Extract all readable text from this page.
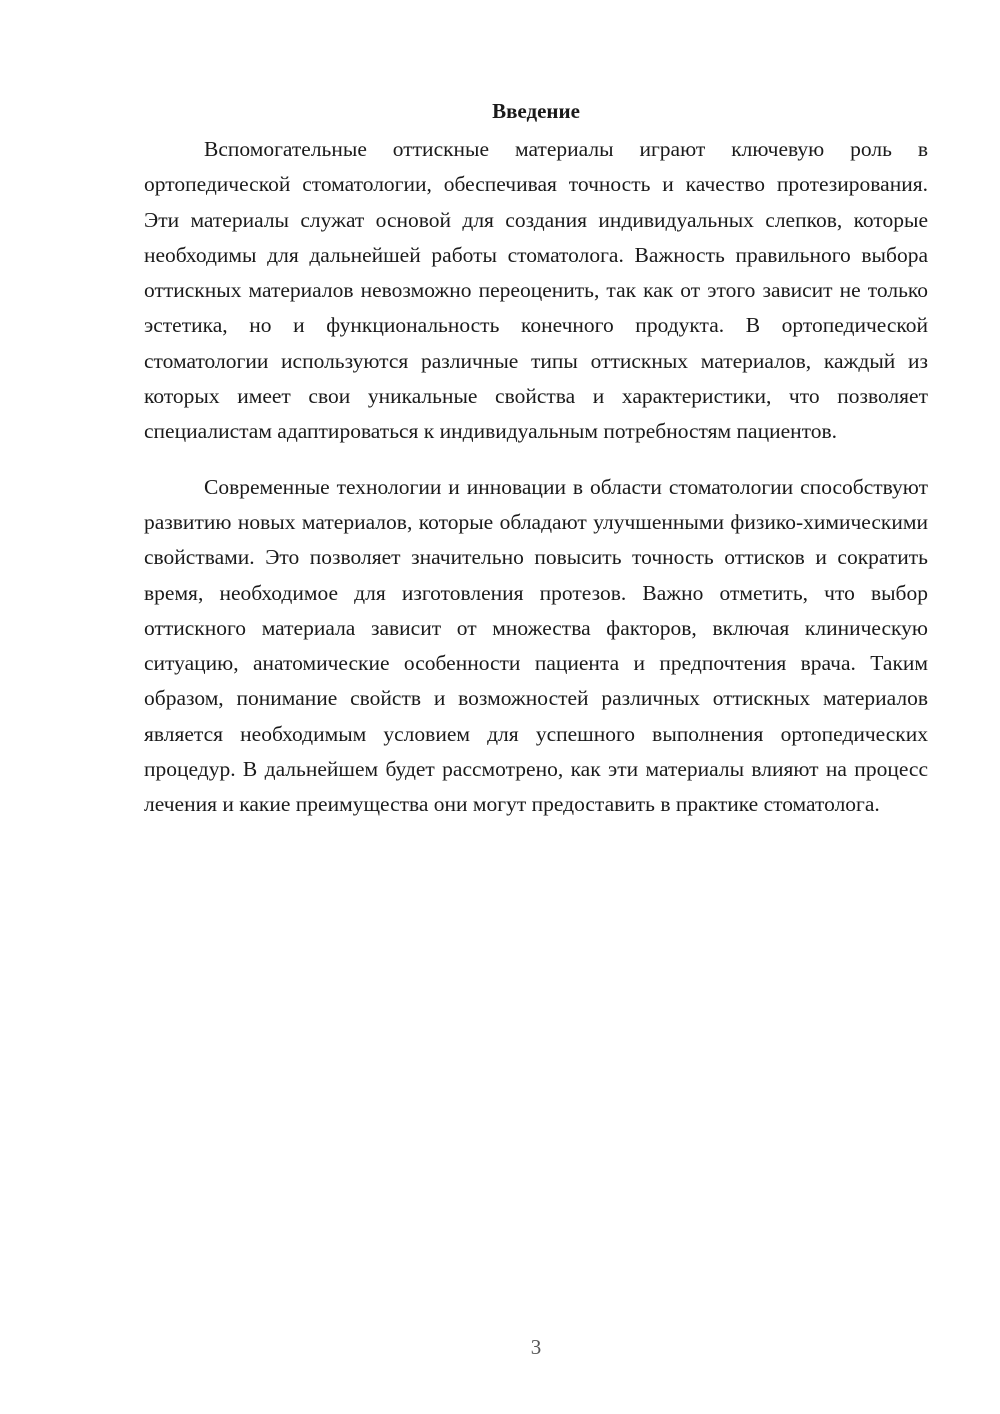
Введение

Вспомогательные оттискные материалы играют ключевую роль в ортопедической стоматологии, обеспечивая точность и качество протезирования. Эти материалы служат основой для создания индивидуальных слепков, которые необходимы для дальнейшей работы стоматолога. Важность правильного выбора оттискных материалов невозможно переоценить, так как от этого зависит не только эстетика, но и функциональность конечного продукта. В ортопедической стоматологии используются различные типы оттискных материалов, каждый из которых имеет свои уникальные свойства и характеристики, что позволяет специалистам адаптироваться к индивидуальным потребностям пациентов.

Современные технологии и инновации в области стоматологии способствуют развитию новых материалов, которые обладают улучшенными физико-химическими свойствами. Это позволяет значительно повысить точность оттисков и сократить время, необходимое для изготовления протезов. Важно отметить, что выбор оттискного материала зависит от множества факторов, включая клиническую ситуацию, анатомические особенности пациента и предпочтения врача. Таким образом, понимание свойств и возможностей различных оттискных материалов является необходимым условием для успешного выполнения ортопедических процедур. В дальнейшем будет рассмотрено, как эти материалы влияют на процесс лечения и какие преимущества они могут предоставить в практике стоматолога.

3
